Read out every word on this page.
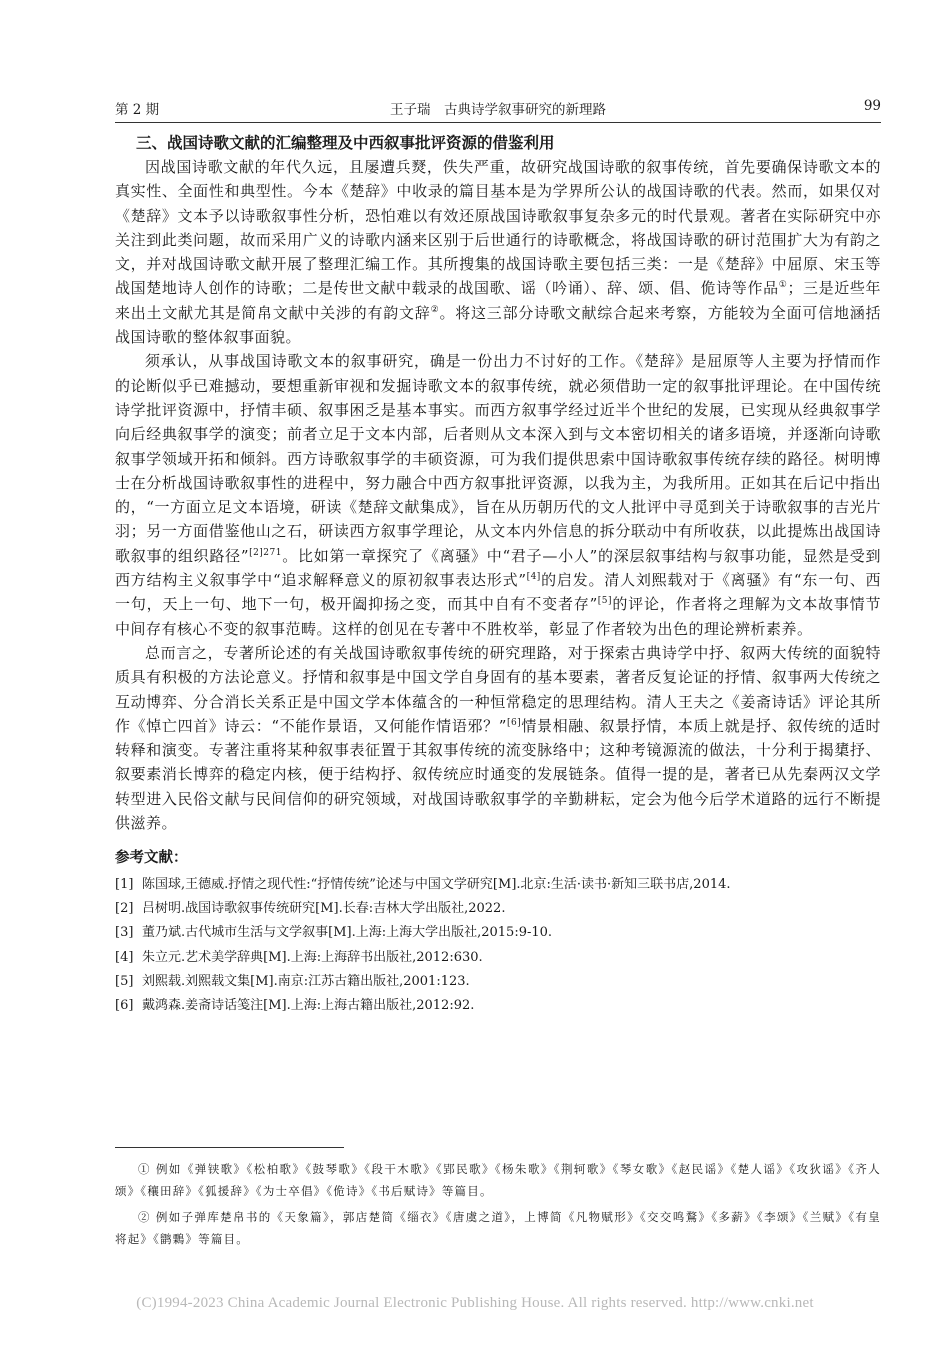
第 2 期	王子瑞　古典诗学叙事研究的新理路	99
三、战国诗歌文献的汇编整理及中西叙事批评资源的借鉴利用

因战国诗歌文献的年代久远，且屡遭兵燹，佚失严重，故研究战国诗歌的叙事传统，首先要确保诗歌文本的真实性、全面性和典型性。今本《楚辞》中收录的篇目基本是为学界所公认的战国诗歌的代表。然而，如果仅对《楚辞》文本予以诗歌叙事性分析，恐怕难以有效还原战国诗歌叙事复杂多元的时代景观。著者在实际研究中亦关注到此类问题，故而采用广义的诗歌内涵来区别于后世通行的诗歌概念，将战国诗歌的研讨范围扩大为有韵之文，并对战国诗歌文献开展了整理汇编工作。其所搜集的战国诗歌主要包括三类：一是《楚辞》中屈原、宋玉等战国楚地诗人创作的诗歌；二是传世文献中载录的战国歌、谣（吟诵）、辞、颂、倡、佹诗等作品①；三是近些年来出土文献尤其是简帛文献中关涉的有韵文辞②。将这三部分诗歌文献综合起来考察，方能较为全面可信地涵括战国诗歌的整体叙事面貌。

须承认，从事战国诗歌文本的叙事研究，确是一份出力不讨好的工作。《楚辞》是屈原等人主要为抒情而作的论断似乎已难撼动，要想重新审视和发掘诗歌文本的叙事传统，就必须借助一定的叙事批评理论。在中国传统诗学批评资源中，抒情丰硕、叙事困乏是基本事实。而西方叙事学经过近半个世纪的发展，已实现从经典叙事学向后经典叙事学的演变；前者立足于文本内部，后者则从文本深入到与文本密切相关的诸多语境，并逐渐向诗歌叙事学领域开拓和倾斜。西方诗歌叙事学的丰硕资源，可为我们提供思索中国诗歌叙事传统存续的路径。树明博士在分析战国诗歌叙事性的进程中，努力融合中西方叙事批评资源，以我为主，为我所用。正如其在后记中指出的，“一方面立足文本语境，研读《楚辞文献集成》，旨在从历朝历代的文人批评中寻觅到关于诗歌叙事的吉光片羽；另一方面借鉴他山之石，研读西方叙事学理论，从文本内外信息的拆分联动中有所收获，以此提炼出战国诗歌叙事的组织路径”$^{[2]271}$。比如第一章探究了《离骚》中“君子—小人”的深层叙事结构与叙事功能，显然是受到西方结构主义叙事学中“追求解释意义的原初叙事表达形式”[4]的启发。清人刘熙载对于《离骚》有“东一句、西一句，天上一句、地下一句，极开阖抑扬之变，而其中自有不变者存”[5]的评论，作者将之理解为文本故事情节中间存有核心不变的叙事范畴。这样的创见在专著中不胜枚举，彰显了作者较为出色的理论辨析素养。

总而言之，专著所论述的有关战国诗歌叙事传统的研究理路，对于探索古典诗学中抒、叙两大传统的面貌特质具有积极的方法论意义。抒情和叙事是中国文学自身固有的基本要素，著者反复论证的抒情、叙事两大传统之互动博弈、分合消长关系正是中国文学本体蕴含的一种恒常稳定的思理结构。清人王夫之《姜斋诗话》评论其所作《悼亡四首》诗云：“不能作景语，又何能作情语邪？”[6]情景相融、叙景抒情，本质上就是抒、叙传统的适时转释和演变。专著注重将某种叙事表征置于其叙事传统的流变脉络中；这种考镜源流的做法，十分利于揭橥抒、叙要素消长博弈的稳定内核，便于结构抒、叙传统应时通变的发展链条。值得一提的是，著者已从先秦两汉文学转型进入民俗文献与民间信仰的研究领域，对战国诗歌叙事学的辛勤耕耘，定会为他今后学术道路的远行不断提供滋养。

参考文献：
[1] 陈国球,王德威.抒情之现代性:“抒情传统”论述与中国文学研究[M].北京:生活·读书·新知三联书店,2014.
[2] 吕树明.战国诗歌叙事传统研究[M].长春:吉林大学出版社,2022.
[3] 董乃斌.古代城市生活与文学叙事[M].上海:上海大学出版社,2015:9-10.
[4] 朱立元.艺术美学辞典[M].上海:上海辞书出版社,2012:630.
[5] 刘熙载.刘熙载文集[M].南京:江苏古籍出版社,2001:123.
[6] 戴鸿森.姜斋诗话笺注[M].上海:上海古籍出版社,2012:92.

① 例如《弹铗歌》《松柏歌》《鼓琴歌》《段干木歌》《郢民歌》《杨朱歌》《荆轲歌》《琴女歌》《赵民谣》《楚人谣》《攻狄谣》《齐人颂》《穰田辞》《狐援辞》《为士卒倡》《佹诗》《书后赋诗》等篇目。

② 例如子弹库楚帛书的《天象篇》，郭店楚简《缁衣》《唐虞之道》，上博简《凡物赋形》《交交鸣鶩》《多薪》《李颂》《兰赋》《有皇将起》《鹠鷅》等篇目。

(C)1994-2023 China Academic Journal Electronic Publishing House. All rights reserved. http://www.cnki.net
